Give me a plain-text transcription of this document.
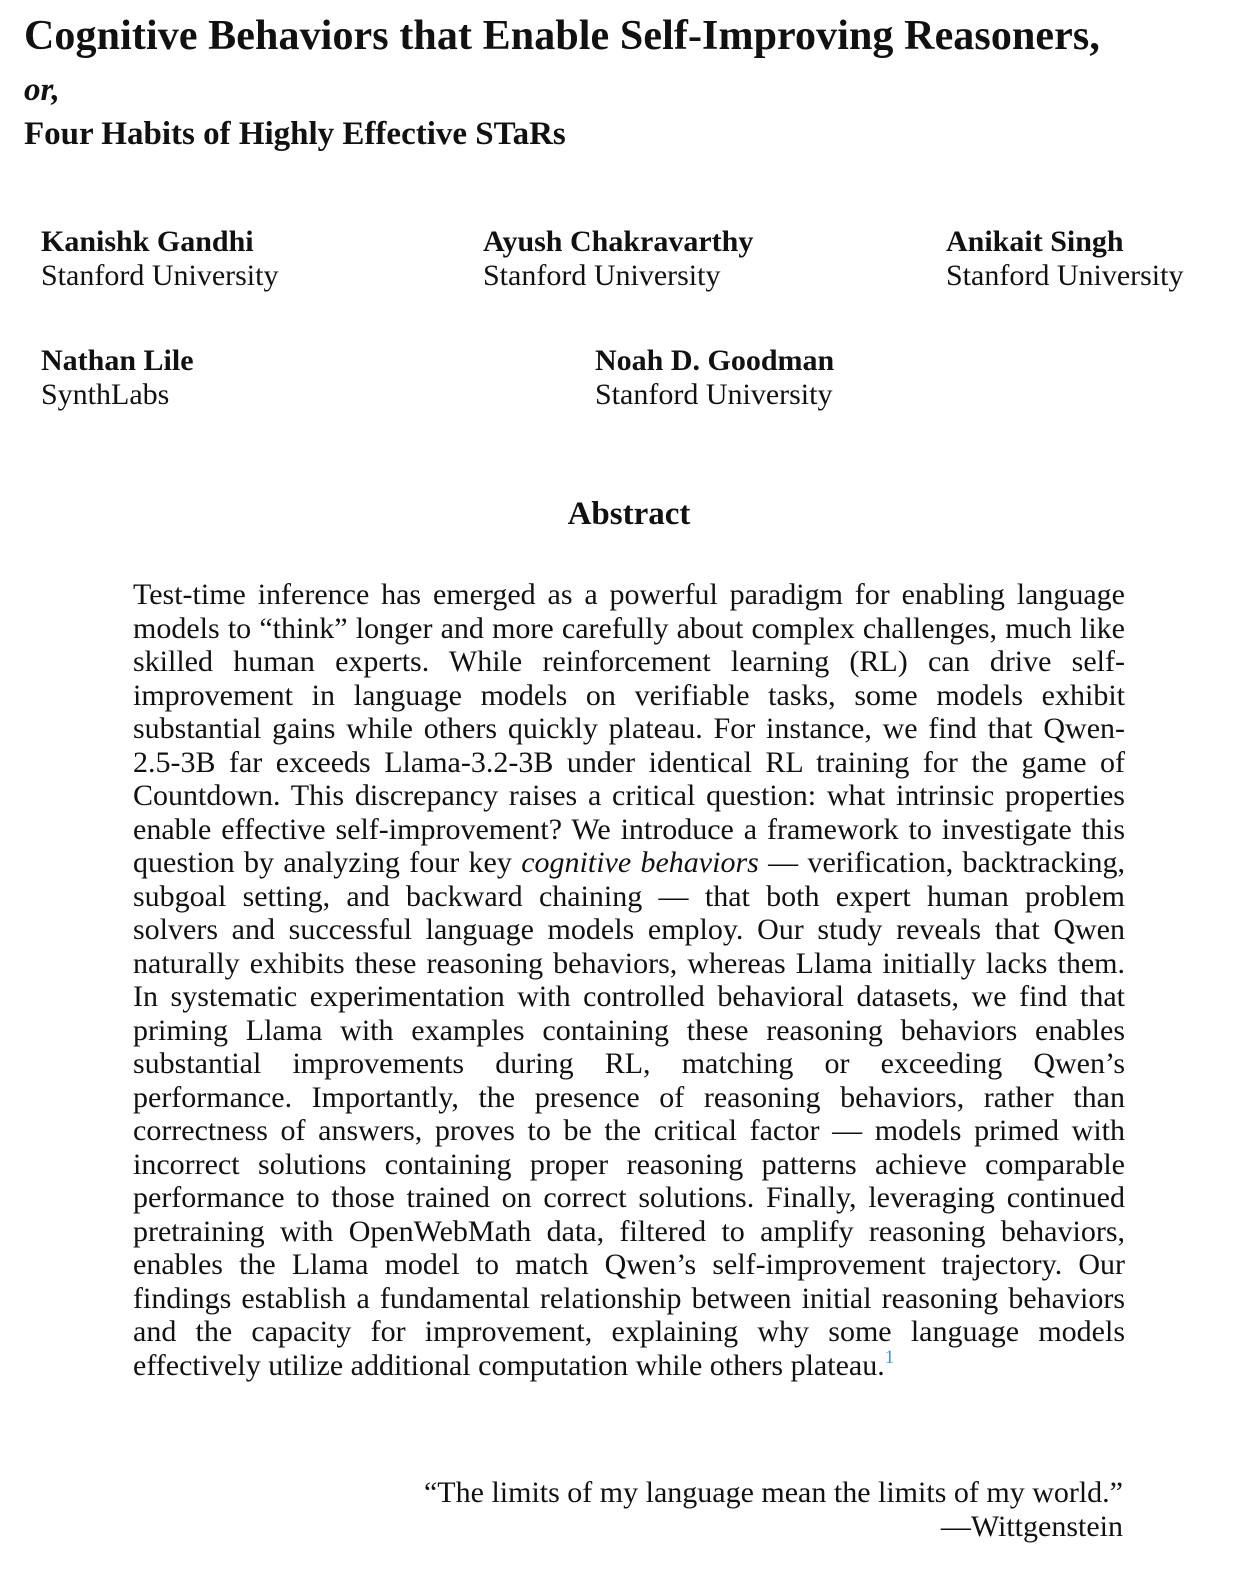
Cognitive Behaviors that Enable Self-Improving Reasoners,
or,
Four Habits of Highly Effective STaRs
Kanishk Gandhi
Stanford University
Ayush Chakravarthy
Stanford University
Anikait Singh
Stanford University
Nathan Lile
SynthLabs
Noah D. Goodman
Stanford University
Abstract
Test-time inference has emerged as a powerful paradigm for enabling language models to “think” longer and more carefully about complex challenges, much like skilled human experts. While reinforcement learning (RL) can drive self-improvement in language models on verifiable tasks, some models exhibit substantial gains while others quickly plateau. For instance, we find that Qwen-2.5-3B far exceeds Llama-3.2-3B under identical RL training for the game of Countdown. This discrepancy raises a critical question: what intrinsic properties enable effective self-improvement? We introduce a framework to investigate this question by analyzing four key cognitive behaviors — verification, backtracking, subgoal setting, and backward chaining — that both expert human problem solvers and successful language models employ. Our study reveals that Qwen naturally exhibits these reasoning behaviors, whereas Llama initially lacks them. In systematic experimentation with controlled behavioral datasets, we find that priming Llama with examples containing these reasoning behaviors enables substantial improvements during RL, matching or exceeding Qwen’s performance. Importantly, the presence of reasoning behaviors, rather than correctness of answers, proves to be the critical factor — models primed with incorrect solutions containing proper reasoning patterns achieve comparable performance to those trained on correct solutions. Finally, leveraging continued pretraining with OpenWebMath data, filtered to amplify reasoning behaviors, enables the Llama model to match Qwen’s self-improvement trajectory. Our findings establish a fundamental relationship between initial reasoning behaviors and the capacity for improvement, explaining why some language models effectively utilize additional computation while others plateau.$^1$
“The limits of my language mean the limits of my world.”
—Wittgenstein
